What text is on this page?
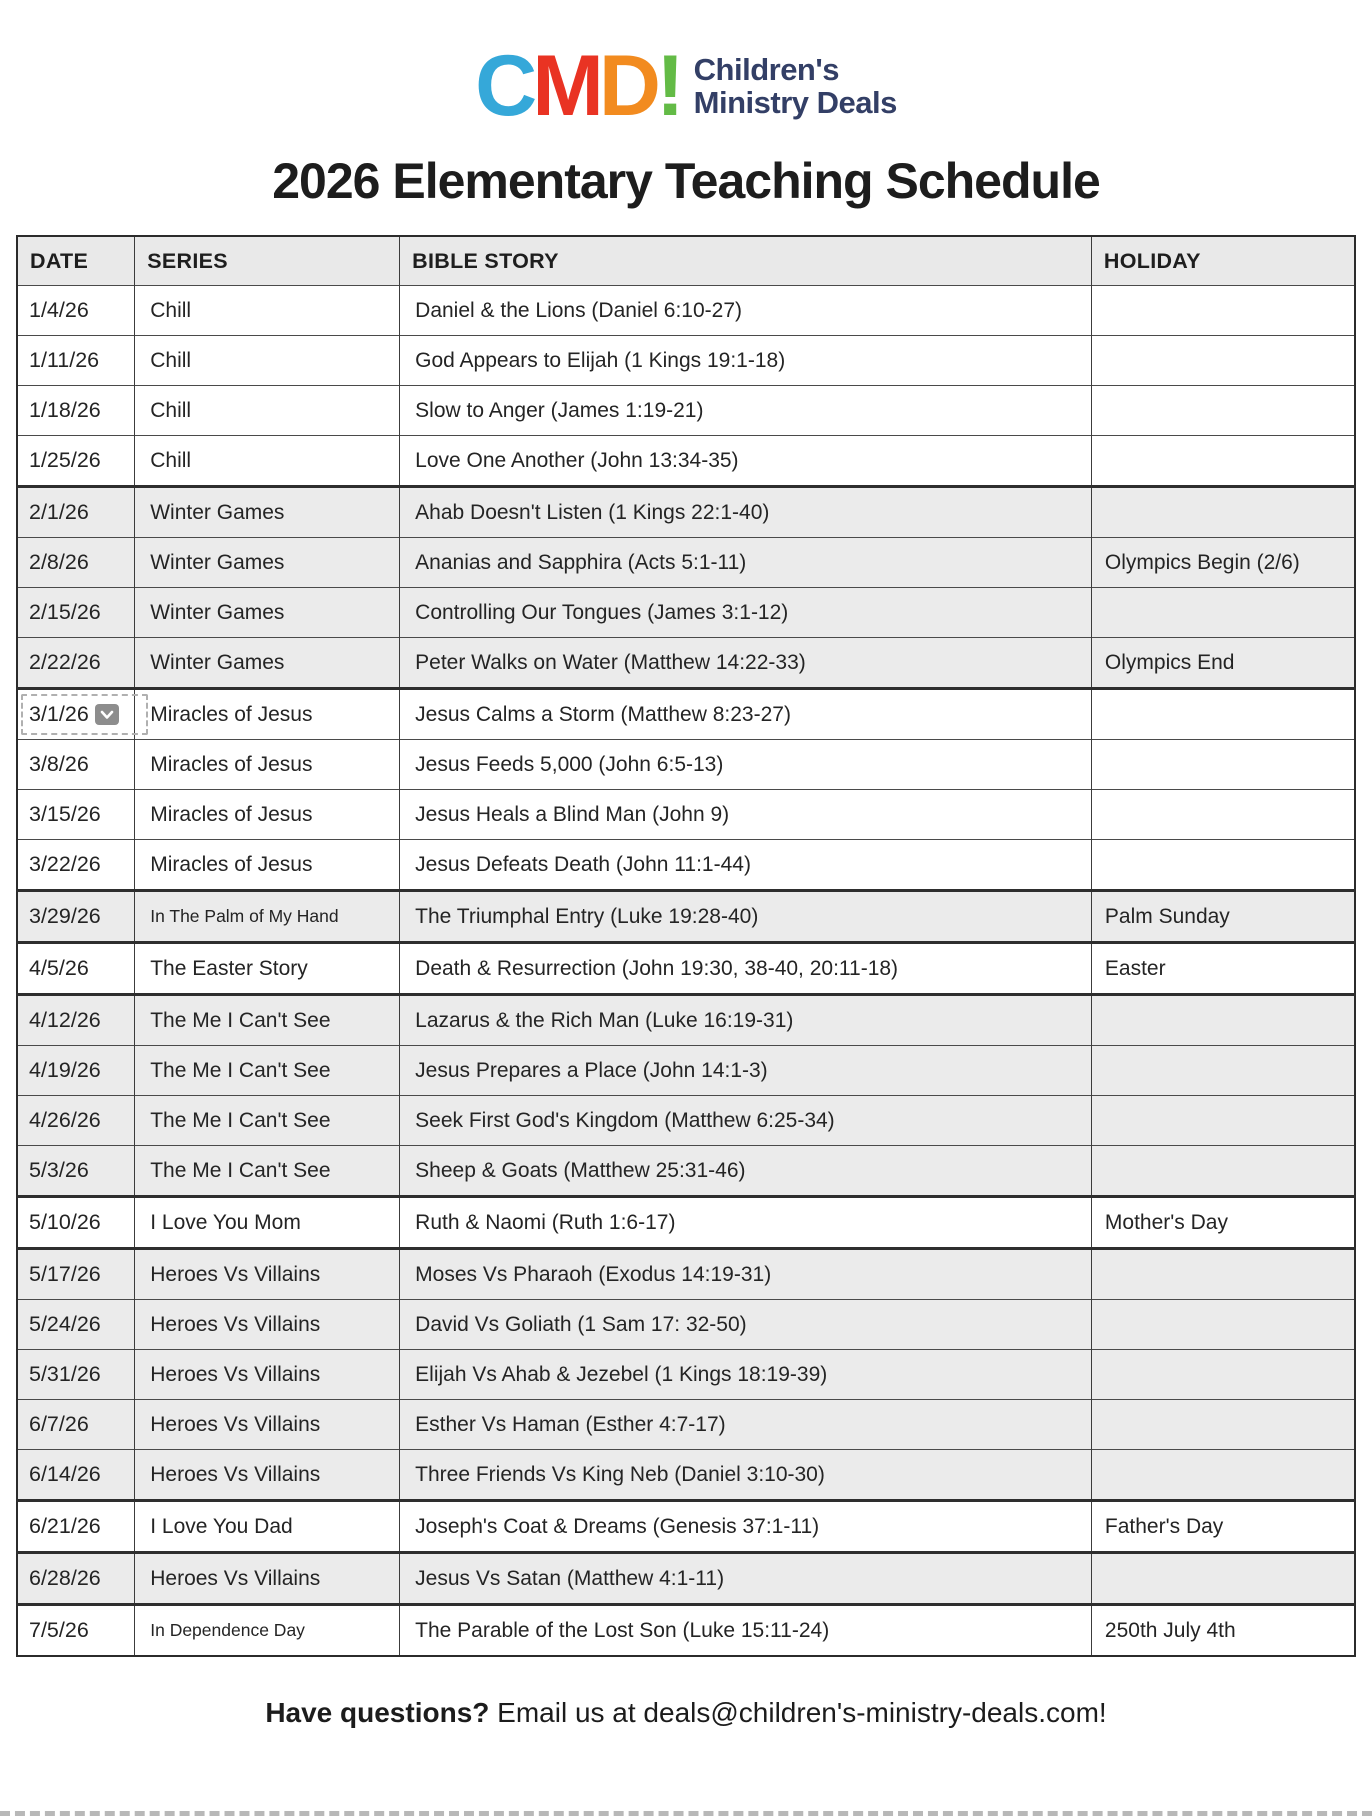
C M D ! Children's
Ministry Deals
2026 Elementary Teaching Schedule
DATE	SERIES	BIBLE STORY	HOLIDAY
1/4/26	Chill	Daniel & the Lions (Daniel 6:10-27)	
1/11/26	Chill	God Appears to Elijah (1 Kings 19:1-18)	
1/18/26	Chill	Slow to Anger (James 1:19-21)	
1/25/26	Chill	Love One Another (John 13:34-35)	
2/1/26	Winter Games	Ahab Doesn't Listen (1 Kings 22:1-40)	
2/8/26	Winter Games	Ananias and Sapphira (Acts 5:1-11)	Olympics Begin (2/6)
2/15/26	Winter Games	Controlling Our Tongues (James 3:1-12)	
2/22/26	Winter Games	Peter Walks on Water (Matthew 14:22-33)	Olympics End

3/1/26	Miracles of Jesus	Jesus Calms a Storm (Matthew 8:23-27)	
3/8/26	Miracles of Jesus	Jesus Feeds 5,000 (John 6:5-13)	
3/15/26	Miracles of Jesus	Jesus Heals a Blind Man (John 9)	
3/22/26	Miracles of Jesus	Jesus Defeats Death (John 11:1-44)	
3/29/26	In The Palm of My Hand	The Triumphal Entry (Luke 19:28-40)	Palm Sunday
4/5/26	The Easter Story	Death & Resurrection (John 19:30, 38-40, 20:11-18)	Easter
4/12/26	The Me I Can't See	Lazarus & the Rich Man (Luke 16:19-31)	
4/19/26	The Me I Can't See	Jesus Prepares a Place (John 14:1-3)	
4/26/26	The Me I Can't See	Seek First God's Kingdom (Matthew 6:25-34)	
5/3/26	The Me I Can't See	Sheep & Goats (Matthew 25:31-46)	
5/10/26	I Love You Mom	Ruth & Naomi (Ruth 1:6-17)	Mother's Day
5/17/26	Heroes Vs Villains	Moses Vs Pharaoh (Exodus 14:19-31)	
5/24/26	Heroes Vs Villains	David Vs Goliath (1 Sam 17: 32-50)	
5/31/26	Heroes Vs Villains	Elijah Vs Ahab & Jezebel (1 Kings 18:19-39)	
6/7/26	Heroes Vs Villains	Esther Vs Haman (Esther 4:7-17)	
6/14/26	Heroes Vs Villains	Three Friends Vs King Neb (Daniel 3:10-30)	
6/21/26	I Love You Dad	Joseph's Coat & Dreams (Genesis 37:1-11)	Father's Day
6/28/26	Heroes Vs Villains	Jesus Vs Satan (Matthew 4:1-11)	
7/5/26	In Dependence Day	The Parable of the Lost Son (Luke 15:11-24)	250th July 4th
Have questions? Email us at deals@children's-ministry-deals.com!
